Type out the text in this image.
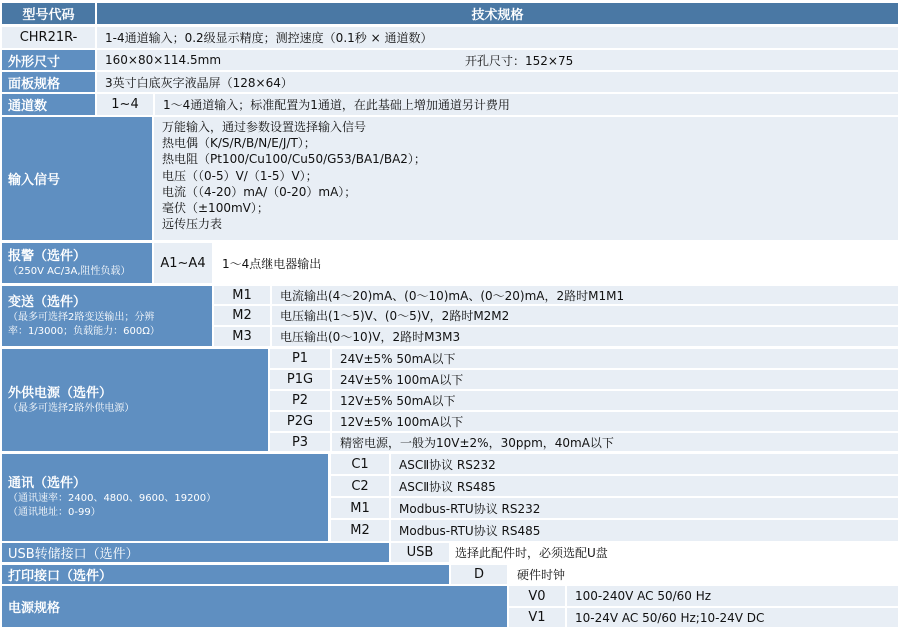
型号代码	技术规格
CHR21R-	1-4通道输入；0.2级显示精度；测控速度（0.1秒 × 通道数）
外形尺寸	160×80×114.5mm	开孔尺寸：152×75
面板规格	3英寸白底灰字液晶屏（128×64）
通道数	1~4	1～4通道输入；标准配置为1通道，在此基础上增加通道另计费用
输入信号
万能输入，通过参数设置选择输入信号
热电偶（K/S/R/B/N/E/J/T）；
热电阻（Pt100/Cu100/Cu50/G53/BA1/BA2）；
电压（（0-5）V/（1-5）V）；
电流（（4-20）mA/（0-20）mA）；
毫伏（±100mV）；
远传压力表
报警（选件）
（250V AC/3A,阻性负载）
A1~A4	1～4点继电器输出
变送（选件）
（最多可选择2路变送输出；分辨
率：1/3000；负载能力：600Ω）
M1	电流输出(4～20)mA、(0～10)mA、(0～20)mA，2路时M1M1
M2	电压输出(1～5)V、(0～5)V，2路时M2M2
M3	电压输出(0～10)V，2路时M3M3
外供电源（选件）
（最多可选择2路外供电源）
P1	24V±5% 50mA以下
P1G	24V±5% 100mA以下
P2	12V±5% 50mA以下
P2G	12V±5% 100mA以下
P3	精密电源，一般为10V±2%，30ppm，40mA以下
通讯（选件）
（通讯速率：2400、4800、9600、19200）
（通讯地址：0-99）
C1	ASCⅡ协议 RS232
C2	ASCⅡ协议 RS485
M1	Modbus-RTU协议 RS232
M2	Modbus-RTU协议 RS485
USB转储接口（选件）	USB	选择此配件时，必须选配U盘
打印接口（选件）	D	硬件时钟
电源规格
V0	100-240V AC 50/60 Hz
V1	10-24V AC 50/60 Hz;10-24V DC
